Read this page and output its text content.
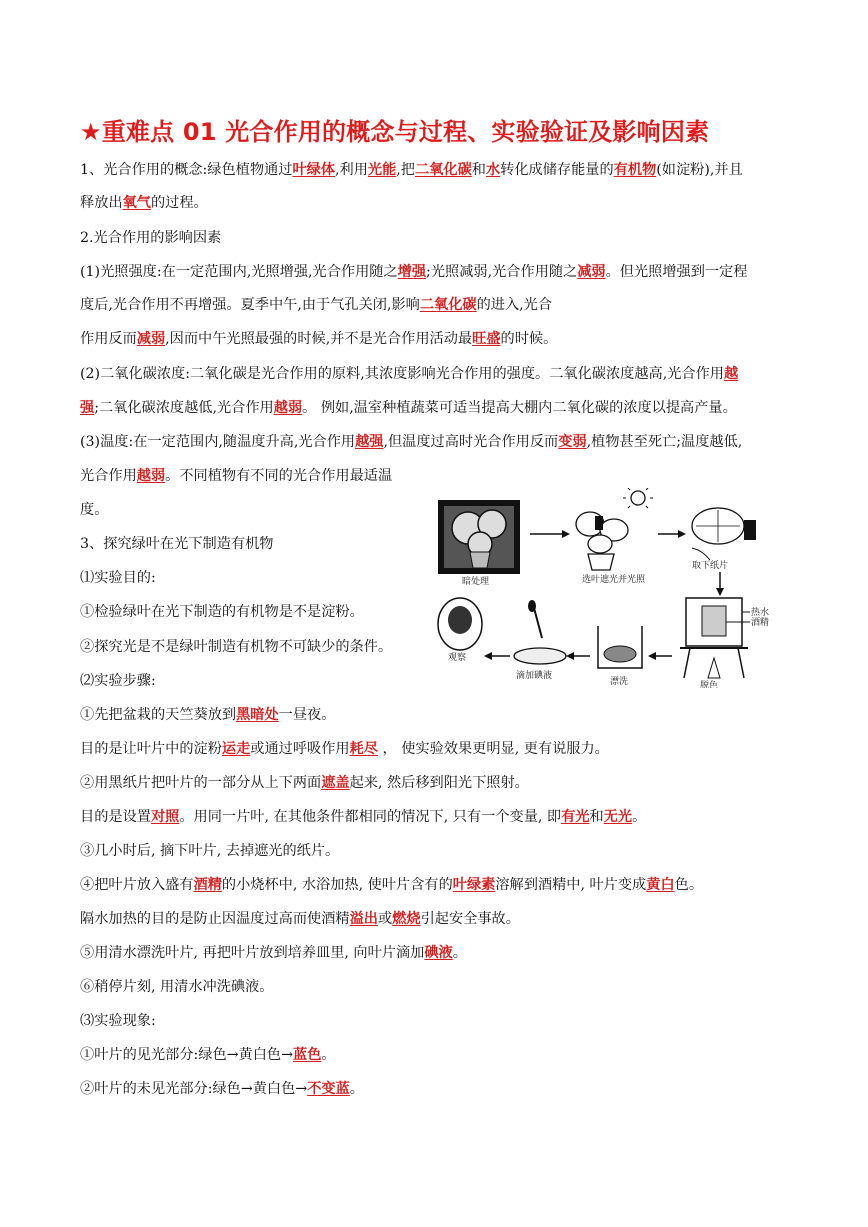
★重难点 01 光合作用的概念与过程、实验验证及影响因素
1、光合作用的概念:绿色植物通过叶绿体,利用光能,把二氧化碳和水转化成储存能量的有机物(如淀粉),并且
释放出氧气的过程。
2.光合作用的影响因素
(1)光照强度:在一定范围内,光照增强,光合作用随之增强;光照减弱,光合作用随之减弱。但光照增强到一定程
度后,光合作用不再增强。夏季中午,由于气孔关闭,影响二氧化碳的进入,光合
作用反而减弱,因而中午光照最强的时候,并不是光合作用活动最旺盛的时候。
(2)二氧化碳浓度:二氧化碳是光合作用的原料,其浓度影响光合作用的强度。二氧化碳浓度越高,光合作用越
强;二氧化碳浓度越低,光合作用越弱。 例如,温室种植蔬菜可适当提高大棚内二氧化碳的浓度以提高产量。
(3)温度:在一定范围内,随温度升高,光合作用越强,但温度过高时光合作用反而变弱,植物甚至死亡;温度越低,
光合作用越弱。不同植物有不同的光合作用最适温
度。
3、探究绿叶在光下制造有机物
⑴实验目的:
①检验绿叶在光下制造的有机物是不是淀粉。
②探究光是不是绿叶制造有机物不可缺少的条件。
⑵实验步骤:
①先把盆栽的天竺葵放到黑暗处一昼夜。
目的是让叶片中的淀粉运走或通过呼吸作用耗尽 ， 使实验效果更明显, 更有说服力。
②用黑纸片把叶片的一部分从上下两面遮盖起来, 然后移到阳光下照射。
目的是设置对照。用同一片叶, 在其他条件都相同的情况下, 只有一个变量, 即有光和无光。
③几小时后, 摘下叶片, 去掉遮光的纸片。
④把叶片放入盛有酒精的小烧杯中, 水浴加热, 使叶片含有的叶绿素溶解到酒精中, 叶片变成黄白色。
隔水加热的目的是防止因温度过高而使酒精溢出或燃烧引起安全事故。
⑤用清水漂洗叶片, 再把叶片放到培养皿里, 向叶片滴加碘液。
⑥稍停片刻, 用清水冲洗碘液。
⑶实验现象:
①叶片的见光部分:绿色→黄白色→蓝色。
②叶片的未见光部分:绿色→黄白色→不变蓝。
暗处理	选叶遮光并光照
取下纸片
热水
酒精
脱色
漂洗
滴加碘液
观察
